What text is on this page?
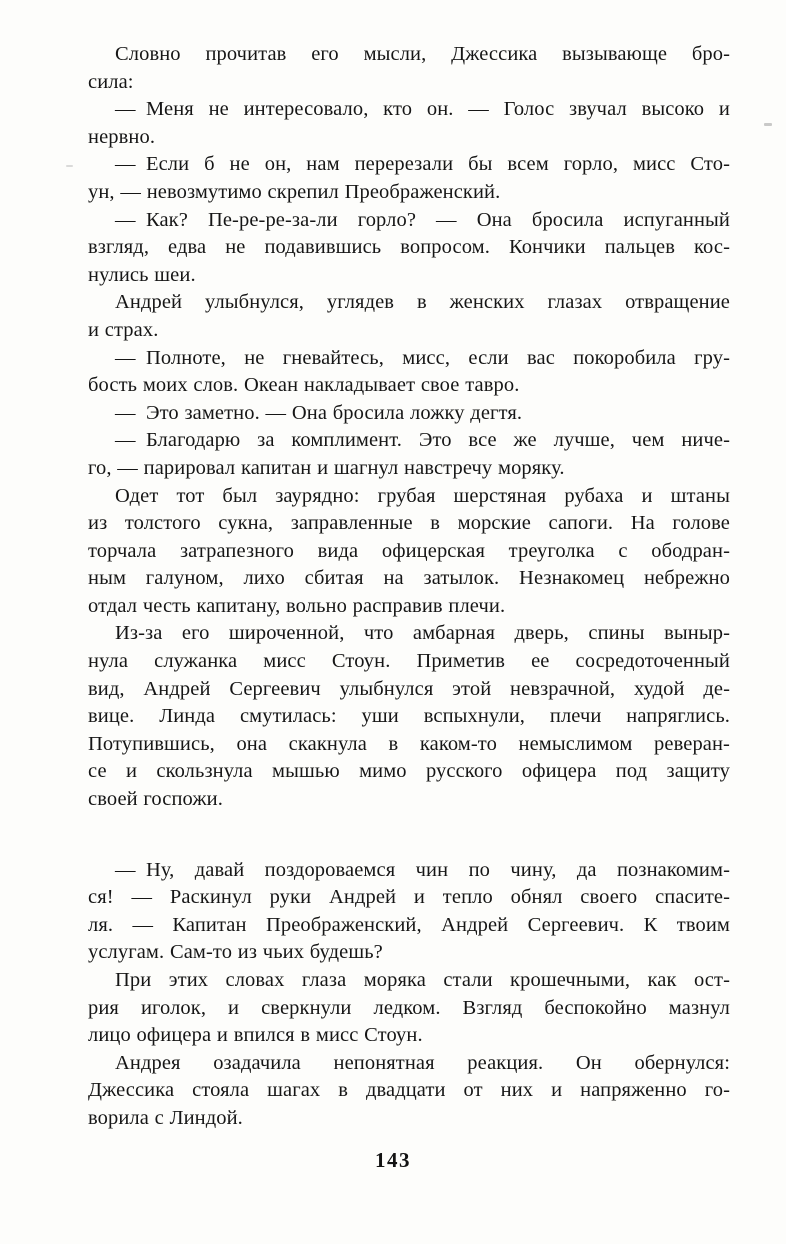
Словно прочитав его мысли, Джессика вызывающе бро-
сила:
— Меня не интересовало, кто он. — Голос звучал высоко и
нервно.
— Если б не он, нам перерезали бы всем горло, мисс Сто-
ун, — невозмутимо скрепил Преображенский.
— Как? Пе-ре-ре-за-ли горло? — Она бросила испуганный
взгляд, едва не подавившись вопросом. Кончики пальцев кос-
нулись шеи.
Андрей улыбнулся, углядев в женских глазах отвращение
и страх.
— Полноте, не гневайтесь, мисс, если вас покоробила гру-
бость моих слов. Океан накладывает свое тавро.
— Это заметно. — Она бросила ложку дегтя.
— Благодарю за комплимент. Это все же лучше, чем ниче-
го, — парировал капитан и шагнул навстречу моряку.
Одет тот был заурядно: грубая шерстяная рубаха и штаны
из толстого сукна, заправленные в морские сапоги. На голове
торчала затрапезного вида офицерская треуголка с ободран-
ным галуном, лихо сбитая на затылок. Незнакомец небрежно
отдал честь капитану, вольно расправив плечи.
Из-за его широченной, что амбарная дверь, спины выныр-
нула служанка мисс Стоун. Приметив ее сосредоточенный
вид, Андрей Сергеевич улыбнулся этой невзрачной, худой де-
вице. Линда смутилась: уши вспыхнули, плечи напряглись.
Потупившись, она скакнула в каком-то немыслимом реверан-
се и скользнула мышью мимо русского офицера под защиту
своей госпожи.
— Ну, давай поздороваемся чин по чину, да познакомим-
ся! — Раскинул руки Андрей и тепло обнял своего спасите-
ля. — Капитан Преображенский, Андрей Сергеевич. К твоим
услугам. Сам-то из чьих будешь?
При этих словах глаза моряка стали крошечными, как ост-
рия иголок, и сверкнули ледком. Взгляд беспокойно мазнул
лицо офицера и впился в мисс Стоун.
Андрея озадачила непонятная реакция. Он обернулся:
Джессика стояла шагах в двадцати от них и напряженно го-
ворила с Линдой.
143
